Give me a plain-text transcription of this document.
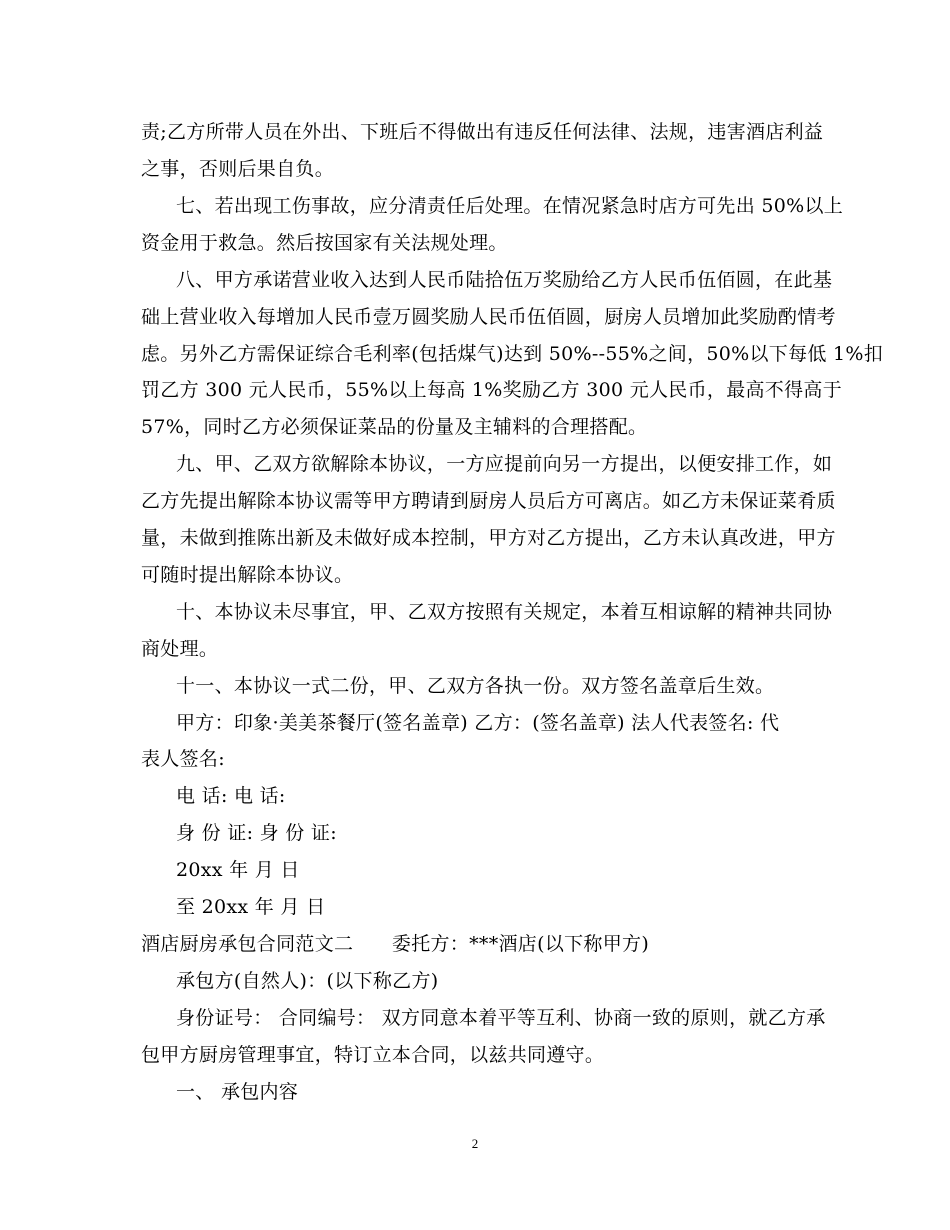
责;乙方所带人员在外出、下班后不得做出有违反任何法律、法规，违害酒店利益
之事，否则后果自负。
七、若出现工伤事故，应分清责任后处理。在情况紧急时店方可先出 50%以上
资金用于救急。然后按国家有关法规处理。
八、甲方承诺营业收入达到人民币陆拾伍万奖励给乙方人民币伍佰圆，在此基
础上营业收入每增加人民币壹万圆奖励人民币伍佰圆，厨房人员增加此奖励酌情考
虑。另外乙方需保证综合毛利率(包括煤气)达到 50%--55%之间，50%以下每低 1%扣
罚乙方 300 元人民币，55%以上每高 1%奖励乙方 300 元人民币，最高不得高于
57%，同时乙方必须保证菜品的份量及主辅料的合理搭配。
九、甲、乙双方欲解除本协议，一方应提前向另一方提出，以便安排工作，如
乙方先提出解除本协议需等甲方聘请到厨房人员后方可离店。如乙方未保证菜肴质
量，未做到推陈出新及未做好成本控制，甲方对乙方提出，乙方未认真改进，甲方
可随时提出解除本协议。
十、本协议未尽事宜，甲、乙双方按照有关规定，本着互相谅解的精神共同协
商处理。
十一、本协议一式二份，甲、乙双方各执一份。双方签名盖章后生效。
甲方：印象·美美茶餐厅(签名盖章) 乙方：(签名盖章) 法人代表签名: 代
表人签名:
电 话: 电 话:
身 份 证: 身 份 证:
20xx 年 月 日
至 20xx 年 月 日
酒店厨房承包合同范文二　　委托方：***酒店(以下称甲方)
承包方(自然人)：(以下称乙方)
身份证号： 合同编号： 双方同意本着平等互利、协商一致的原则，就乙方承
包甲方厨房管理事宜，特订立本合同，以兹共同遵守。
一、 承包内容
2
